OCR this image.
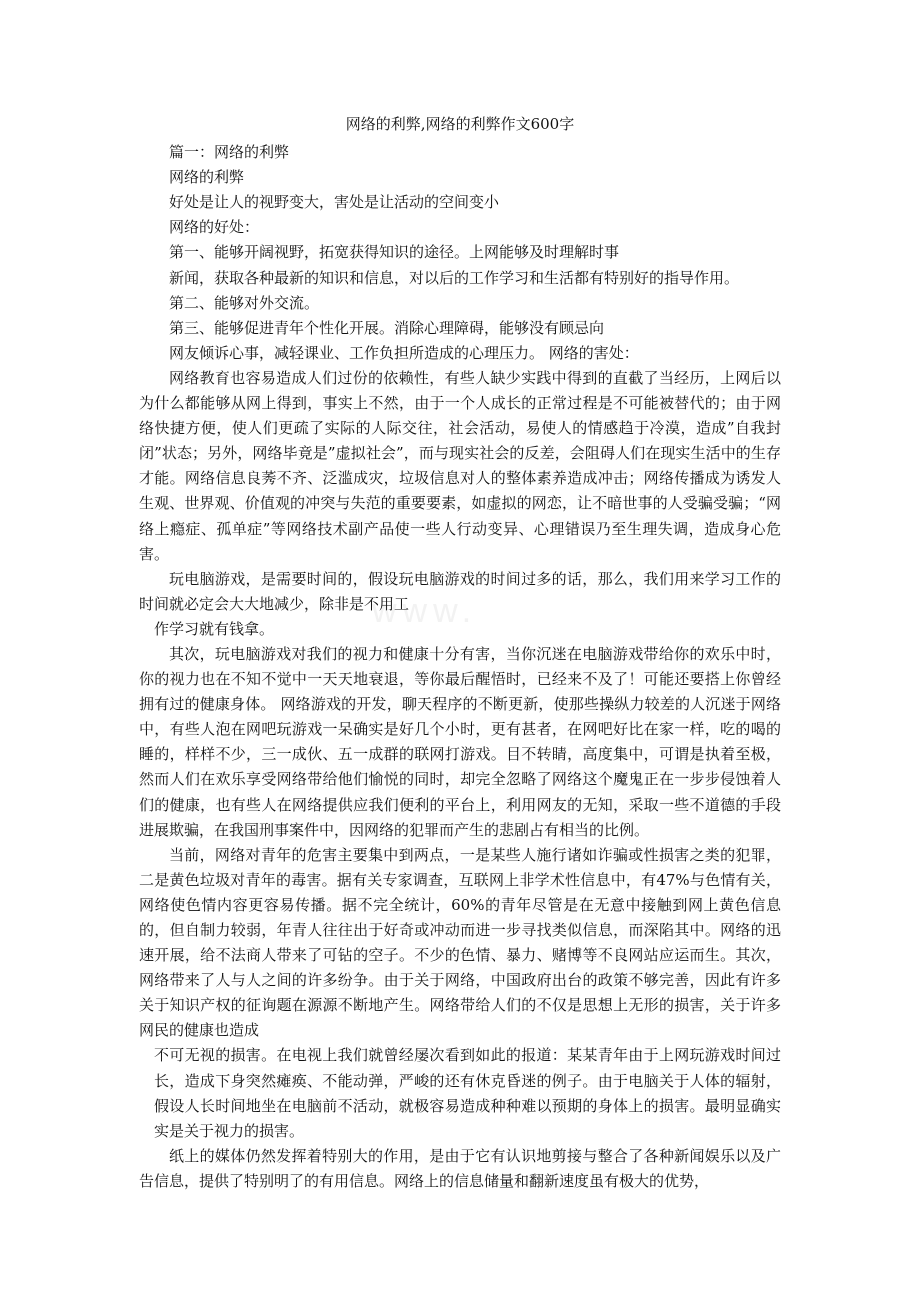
www.
网络的利弊,网络的利弊作文600字

篇一：网络的利弊

网络的利弊

好处是让人的视野变大，害处是让活动的空间变小

网络的好处：

第一、能够开阔视野，拓宽获得知识的途径。上网能够及时理解时事

新闻，获取各种最新的知识和信息，对以后的工作学习和生活都有特别好的指导作用。

第二、能够对外交流。

第三、能够促进青年个性化开展。消除心理障碍，能够没有顾忌向

网友倾诉心事，减轻课业、工作负担所造成的心理压力。 网络的害处：

网络教育也容易造成人们过份的依赖性，有些人缺少实践中得到的直截了当经历，上网后以为什么都能够从网上得到，事实上不然，由于一个人成长的正常过程是不可能被替代的；由于网络快捷方便，使人们更疏了实际的人际交往，社会活动，易使人的情感趋于冷漠，造成”自我封闭”状态；另外，网络毕竟是”虚拟社会”，而与现实社会的反差，会阻碍人们在现实生活中的生存才能。网络信息良莠不齐、泛滥成灾，垃圾信息对人的整体素养造成冲击；网络传播成为诱发人生观、世界观、价值观的冲突与失范的重要要素，如虚拟的网恋，让不暗世事的人受骗受骗；“网络上瘾症、孤单症”等网络技术副产品使一些人行动变异、心理错误乃至生理失调，造成身心危害。

玩电脑游戏，是需要时间的，假设玩电脑游戏的时间过多的话，那么，我们用来学习工作的时间就必定会大大地减少，除非是不用工

作学习就有钱拿。

其次，玩电脑游戏对我们的视力和健康十分有害，当你沉迷在电脑游戏带给你的欢乐中时，你的视力也在不知不觉中一天天地衰退，等你最后醒悟时，已经来不及了！可能还要搭上你曾经拥有过的健康身体。 网络游戏的开发，聊天程序的不断更新，使那些操纵力较差的人沉迷于网络中，有些人泡在网吧玩游戏一呆确实是好几个小时，更有甚者，在网吧好比在家一样，吃的喝的睡的，样样不少，三一成伙、五一成群的联网打游戏。目不转睛，高度集中，可谓是执着至极，然而人们在欢乐享受网络带给他们愉悦的同时，却完全忽略了网络这个魔鬼正在一步步侵蚀着人们的健康，也有些人在网络提供应我们便利的平台上，利用网友的无知，采取一些不道德的手段进展欺骗，在我国刑事案件中，因网络的犯罪而产生的悲剧占有相当的比例。

当前，网络对青年的危害主要集中到两点，一是某些人施行诸如诈骗或性损害之类的犯罪，二是黄色垃圾对青年的毒害。据有关专家调查，互联网上非学术性信息中，有47%与色情有关，网络使色情内容更容易传播。据不完全统计，60%的青年尽管是在无意中接触到网上黄色信息的，但自制力较弱，年青人往往出于好奇或冲动而进一步寻找类似信息，而深陷其中。网络的迅速开展，给不法商人带来了可钻的空子。不少的色情、暴力、赌博等不良网站应运而生。其次，网络带来了人与人之间的许多纷争。由于关于网络，中国政府出台的政策不够完善，因此有许多关于知识产权的征询题在源源不断地产生。网络带给人们的不仅是思想上无形的损害，关于许多网民的健康也造成

不可无视的损害。在电视上我们就曾经屡次看到如此的报道：某某青年由于上网玩游戏时间过长，造成下身突然瘫痪、不能动弹，严峻的还有休克昏迷的例子。由于电脑关于人体的辐射，假设人长时间地坐在电脑前不活动，就极容易造成种种难以预期的身体上的损害。最明显确实实是关于视力的损害。

纸上的媒体仍然发挥着特别大的作用，是由于它有认识地剪接与整合了各种新闻娱乐以及广告信息，提供了特别明了的有用信息。网络上的信息储量和翻新速度虽有极大的优势，
